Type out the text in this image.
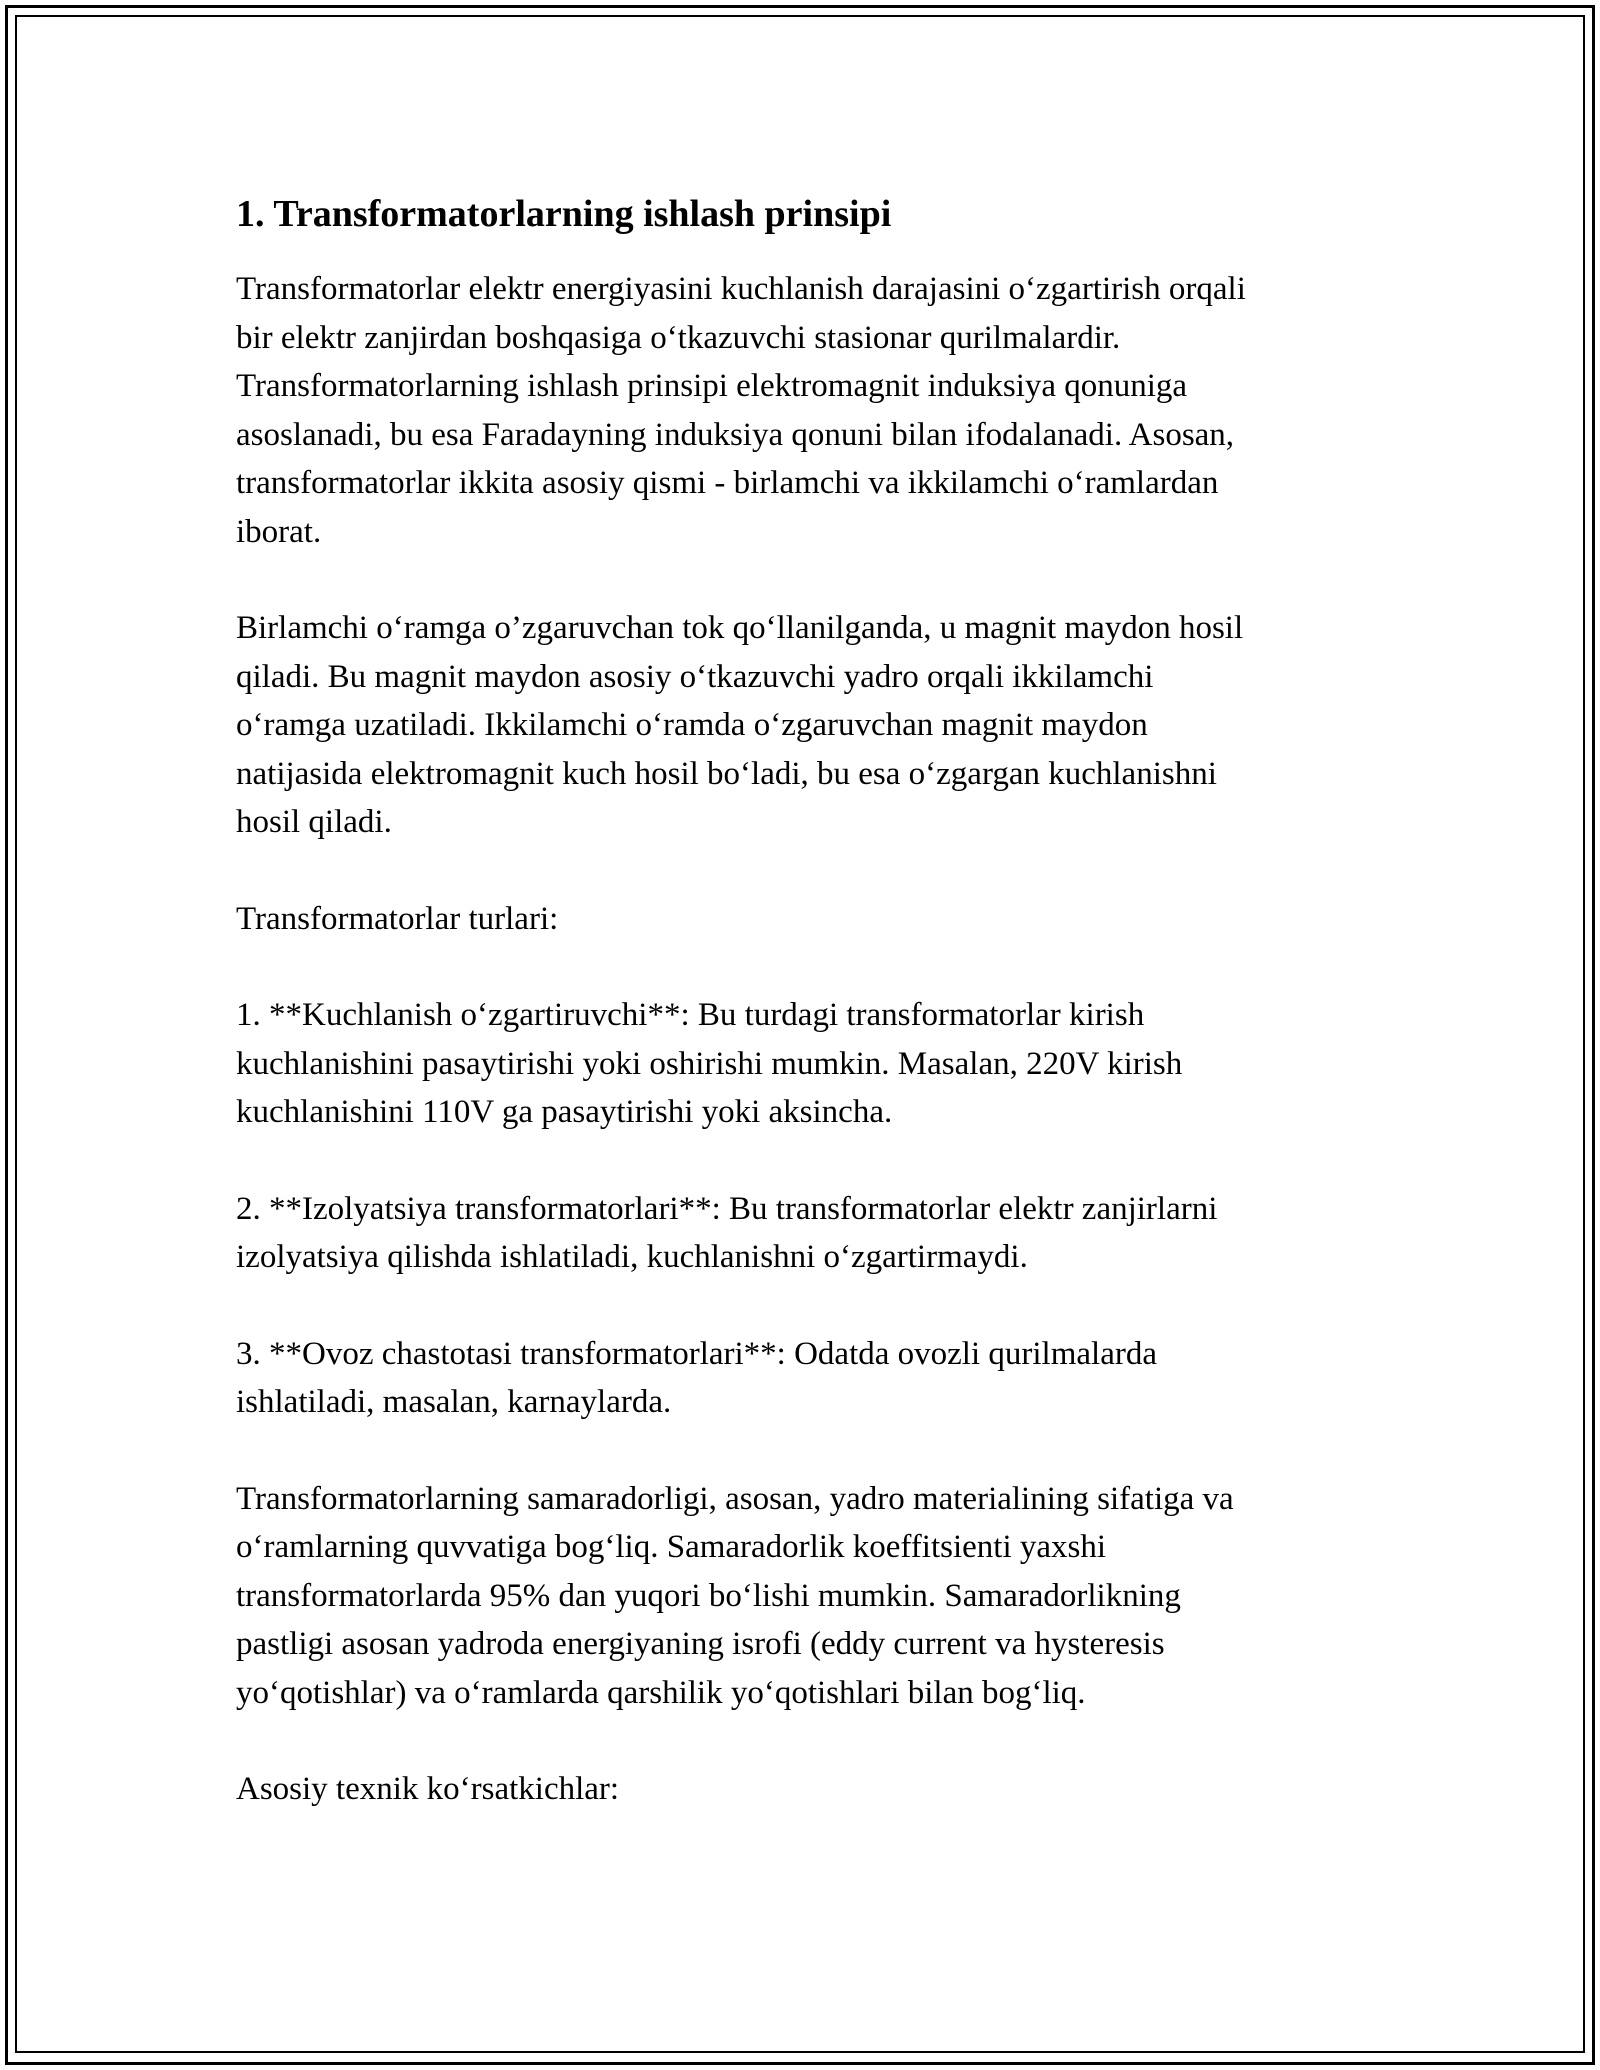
1. Transformatorlarning ishlash prinsipi

Transformatorlar elektr energiyasini kuchlanish darajasini o‘zgartirish orqali
bir elektr zanjirdan boshqasiga o‘tkazuvchi stasionar qurilmalardir.
Transformatorlarning ishlash prinsipi elektromagnit induksiya qonuniga
asoslanadi, bu esa Faradayning induksiya qonuni bilan ifodalanadi. Asosan,
transformatorlar ikkita asosiy qismi - birlamchi va ikkilamchi o‘ramlardan
iborat.

Birlamchi o‘ramga o’zgaruvchan tok qo‘llanilganda, u magnit maydon hosil
qiladi. Bu magnit maydon asosiy o‘tkazuvchi yadro orqali ikkilamchi
o‘ramga uzatiladi. Ikkilamchi o‘ramda o‘zgaruvchan magnit maydon
natijasida elektromagnit kuch hosil bo‘ladi, bu esa o‘zgargan kuchlanishni
hosil qiladi.

Transformatorlar turlari:

1. **Kuchlanish o‘zgartiruvchi**: Bu turdagi transformatorlar kirish
kuchlanishini pasaytirishi yoki oshirishi mumkin. Masalan, 220V kirish
kuchlanishini 110V ga pasaytirishi yoki aksincha.

2. **Izolyatsiya transformatorlari**: Bu transformatorlar elektr zanjirlarni
izolyatsiya qilishda ishlatiladi, kuchlanishni o‘zgartirmaydi.

3. **Ovoz chastotasi transformatorlari**: Odatda ovozli qurilmalarda
ishlatiladi, masalan, karnaylarda.

Transformatorlarning samaradorligi, asosan, yadro materialining sifatiga va
o‘ramlarning quvvatiga bog‘liq. Samaradorlik koeffitsienti yaxshi
transformatorlarda 95% dan yuqori bo‘lishi mumkin. Samaradorlikning
pastligi asosan yadroda energiyaning isrofi (eddy current va hysteresis
yo‘qotishlar) va o‘ramlarda qarshilik yo‘qotishlari bilan bog‘liq.

Asosiy texnik ko‘rsatkichlar:
